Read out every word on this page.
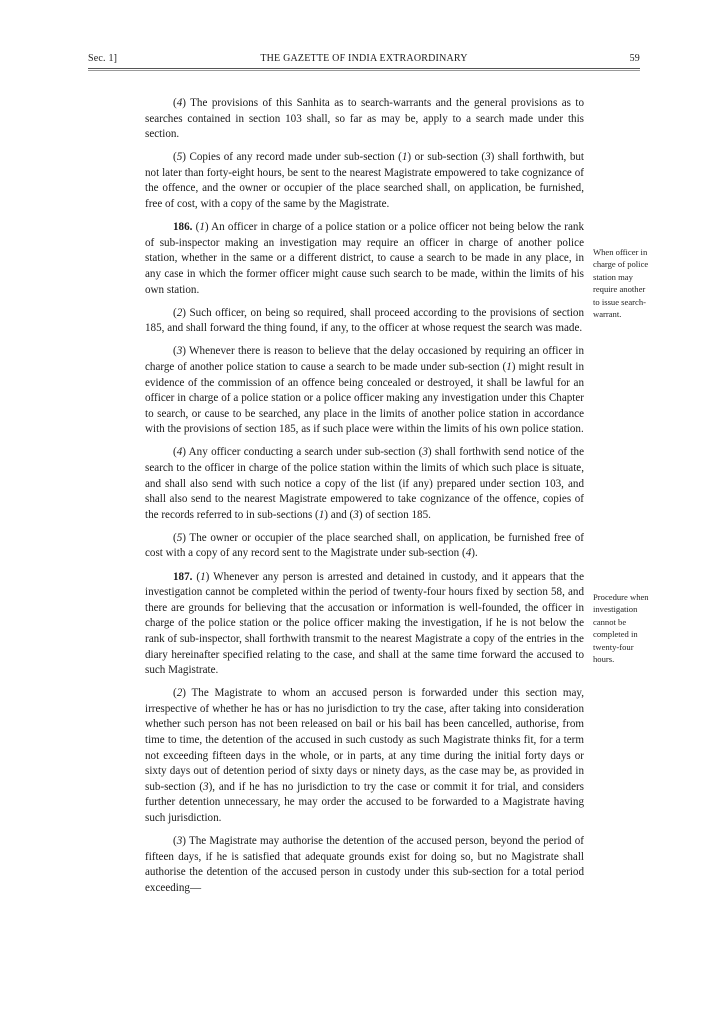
Sec. 1]	THE GAZETTE OF INDIA EXTRAORDINARY	59

(4) The provisions of this Sanhita as to search-warrants and the general provisions as to searches contained in section 103 shall, so far as may be, apply to a search made under this section.

(5) Copies of any record made under sub-section (1) or sub-section (3) shall forthwith, but not later than forty-eight hours, be sent to the nearest Magistrate empowered to take cognizance of the offence, and the owner or occupier of the place searched shall, on application, be furnished, free of cost, with a copy of the same by the Magistrate.

186. (1) An officer in charge of a police station or a police officer not being below the rank of sub-inspector making an investigation may require an officer in charge of another police station, whether in the same or a different district, to cause a search to be made in any place, in any case in which the former officer might cause such search to be made, within the limits of his own station.

(2) Such officer, on being so required, shall proceed according to the provisions of section 185, and shall forward the thing found, if any, to the officer at whose request the search was made.

(3) Whenever there is reason to believe that the delay occasioned by requiring an officer in charge of another police station to cause a search to be made under sub-section (1) might result in evidence of the commission of an offence being concealed or destroyed, it shall be lawful for an officer in charge of a police station or a police officer making any investigation under this Chapter to search, or cause to be searched, any place in the limits of another police station in accordance with the provisions of section 185, as if such place were within the limits of his own police station.

(4) Any officer conducting a search under sub-section (3) shall forthwith send notice of the search to the officer in charge of the police station within the limits of which such place is situate, and shall also send with such notice a copy of the list (if any) prepared under section 103, and shall also send to the nearest Magistrate empowered to take cognizance of the offence, copies of the records referred to in sub-sections (1) and (3) of section 185.

(5) The owner or occupier of the place searched shall, on application, be furnished free of cost with a copy of any record sent to the Magistrate under sub-section (4).

187. (1) Whenever any person is arrested and detained in custody, and it appears that the investigation cannot be completed within the period of twenty-four hours fixed by section 58, and there are grounds for believing that the accusation or information is well-founded, the officer in charge of the police station or the police officer making the investigation, if he is not below the rank of sub-inspector, shall forthwith transmit to the nearest Magistrate a copy of the entries in the diary hereinafter specified relating to the case, and shall at the same time forward the accused to such Magistrate.

(2) The Magistrate to whom an accused person is forwarded under this section may, irrespective of whether he has or has no jurisdiction to try the case, after taking into consideration whether such person has not been released on bail or his bail has been cancelled, authorise, from time to time, the detention of the accused in such custody as such Magistrate thinks fit, for a term not exceeding fifteen days in the whole, or in parts, at any time during the initial forty days or sixty days out of detention period of sixty days or ninety days, as the case may be, as provided in sub-section (3), and if he has no jurisdiction to try the case or commit it for trial, and considers further detention unnecessary, he may order the accused to be forwarded to a Magistrate having such jurisdiction.

(3) The Magistrate may authorise the detention of the accused person, beyond the period of fifteen days, if he is satisfied that adequate grounds exist for doing so, but no Magistrate shall authorise the detention of the accused person in custody under this sub-section for a total period exceeding—

When officer in charge of police station may require another to issue search-warrant.
Procedure when investigation cannot be completed in twenty-four hours.
